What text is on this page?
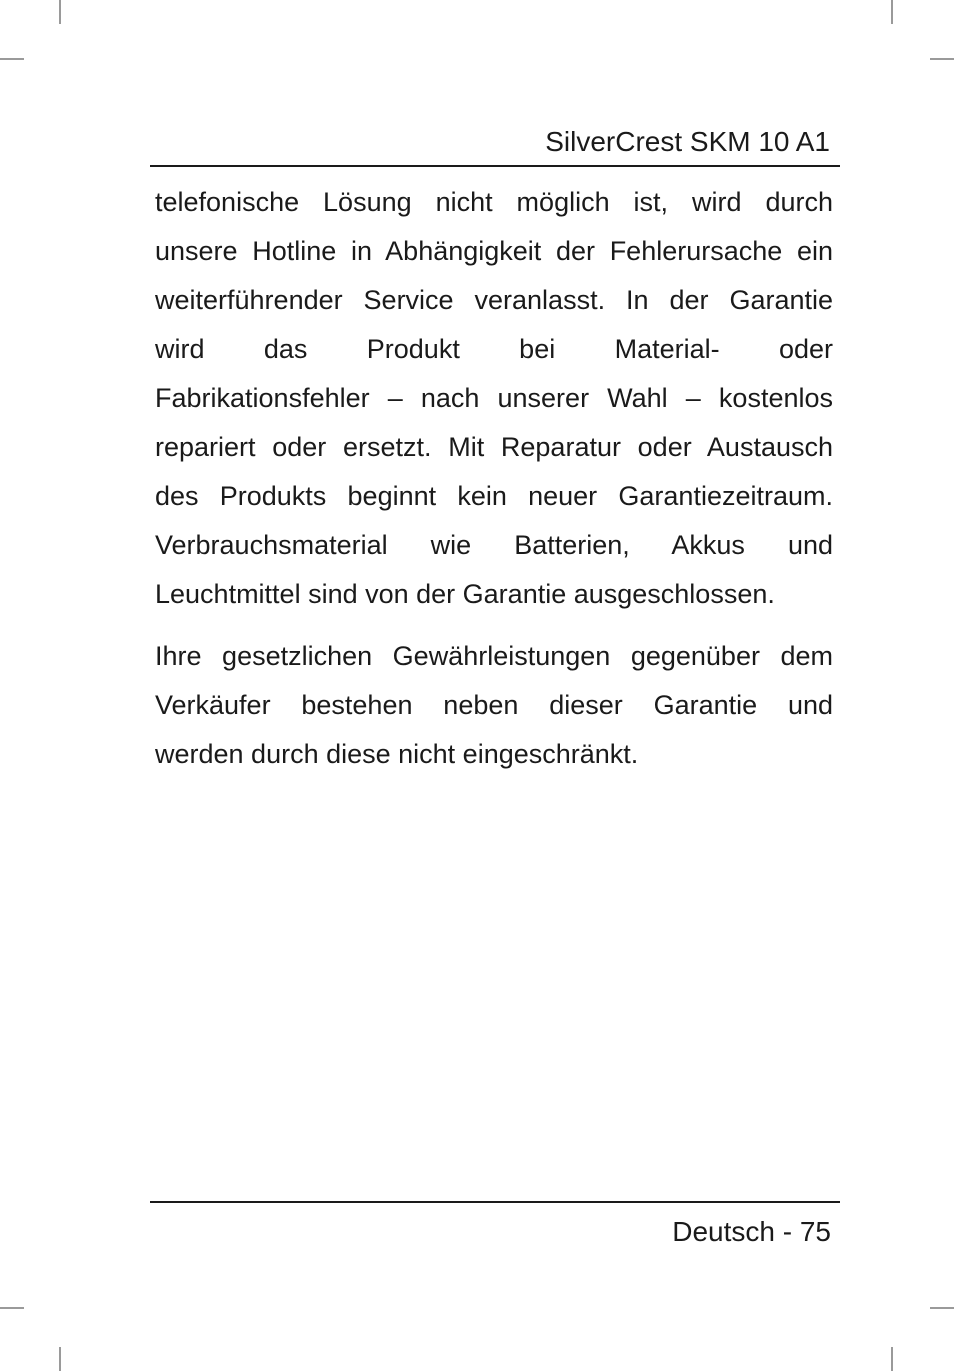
SilverCrest SKM 10 A1

telefonische Lösung nicht möglich ist, wird durch
unsere Hotline in Abhängigkeit der Fehlerursache ein
weiterführender Service veranlasst. In der Garantie
wird das Produkt bei Material- oder
Fabrikationsfehler – nach unserer Wahl – kostenlos
repariert oder ersetzt. Mit Reparatur oder Austausch
des Produkts beginnt kein neuer Garantiezeitraum.
Verbrauchsmaterial wie Batterien, Akkus und
Leuchtmittel sind von der Garantie ausgeschlossen.

Ihre gesetzlichen Gewährleistungen gegenüber dem
Verkäufer bestehen neben dieser Garantie und
werden durch diese nicht eingeschränkt.

Deutsch - 75
